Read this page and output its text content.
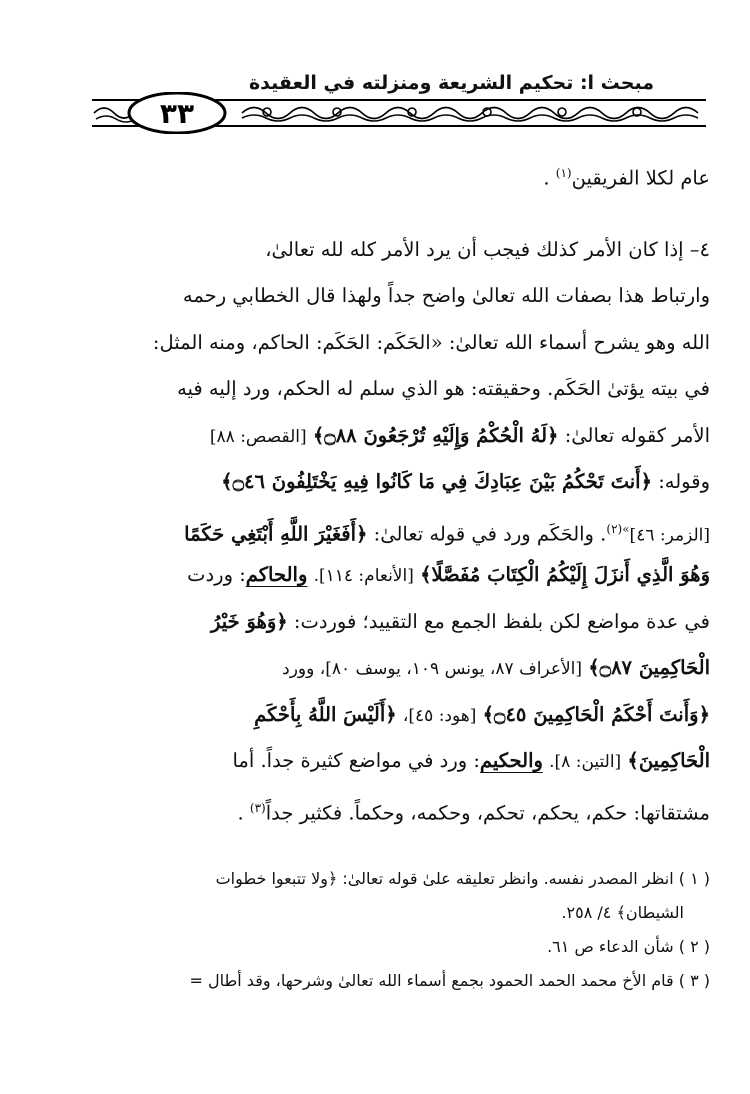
مبحث ا: تحكيم الشريعة ومنزلته في العقيدة
٣٣
عام لكلا الفريقين$^{(١)}$ .
٤– إذا كان الأمر كذلك فيجب أن يرد الأمر كله لله تعالىٰ،
وارتباط هذا بصفات الله تعالىٰ واضح جداً ولهذا قال الخطابي رحمه
الله وهو يشرح أسماء الله تعالىٰ: «الحَكَم: الحَكَم: الحاكم، ومنه المثل:
في بيته يؤتىٰ الحَكَم. وحقيقته: هو الذي سلم له الحكم، ورد إليه فيه
الأمر كقوله تعالىٰ: ﴿لَهُ الْحُكْمُ وَإِلَيْهِ تُرْجَعُونَ ۝٨٨﴾ [القصص: ٨٨]
وقوله: ﴿أَنتَ تَحْكُمُ بَيْنَ عِبَادِكَ فِي مَا كَانُوا فِيهِ يَخْتَلِفُونَ ۝٤٦﴾
[الزمر: ٤٦]$^{»(٢)}$. والحَكَم ورد في قوله تعالىٰ: ﴿أَفَغَيْرَ اللَّهِ أَبْتَغِي حَكَمًا
وَهُوَ الَّذِي أَنزَلَ إِلَيْكُمُ الْكِتَابَ مُفَصَّلًا﴾ [الأنعام: ١١٤]. والحاكم: وردت
في عدة مواضع لكن بلفظ الجمع مع التقييد؛ فوردت: ﴿وَهُوَ خَيْرُ
الْحَاكِمِينَ ۝٨٧﴾ [الأعراف ٨٧، يونس ١٠٩، يوسف ٨٠]، وورد
﴿وَأَنتَ أَحْكَمُ الْحَاكِمِينَ ۝٤٥﴾ [هود: ٤٥]، ﴿أَلَيْسَ اللَّهُ بِأَحْكَمِ
الْحَاكِمِينَ﴾ [التين: ٨]. والحكيم: ورد في مواضع كثيرة جداً. أما
مشتقاتها: حكم، يحكم، تحكم، وحكمه، وحكماً. فكثير جداً$^{(٣)}$ .
( ١ ) انظر المصدر نفسه. وانظر تعليقه علىٰ قوله تعالىٰ: ﴿ولا تتبعوا خطوات
الشيطان﴾ ٤/ ٢٥٨.
( ٢ ) شأن الدعاء ص ٦١.
( ٣ ) قام الأخ محمد الحمد الحمود بجمع أسماء الله تعالىٰ وشرحها، وقد أطال =
